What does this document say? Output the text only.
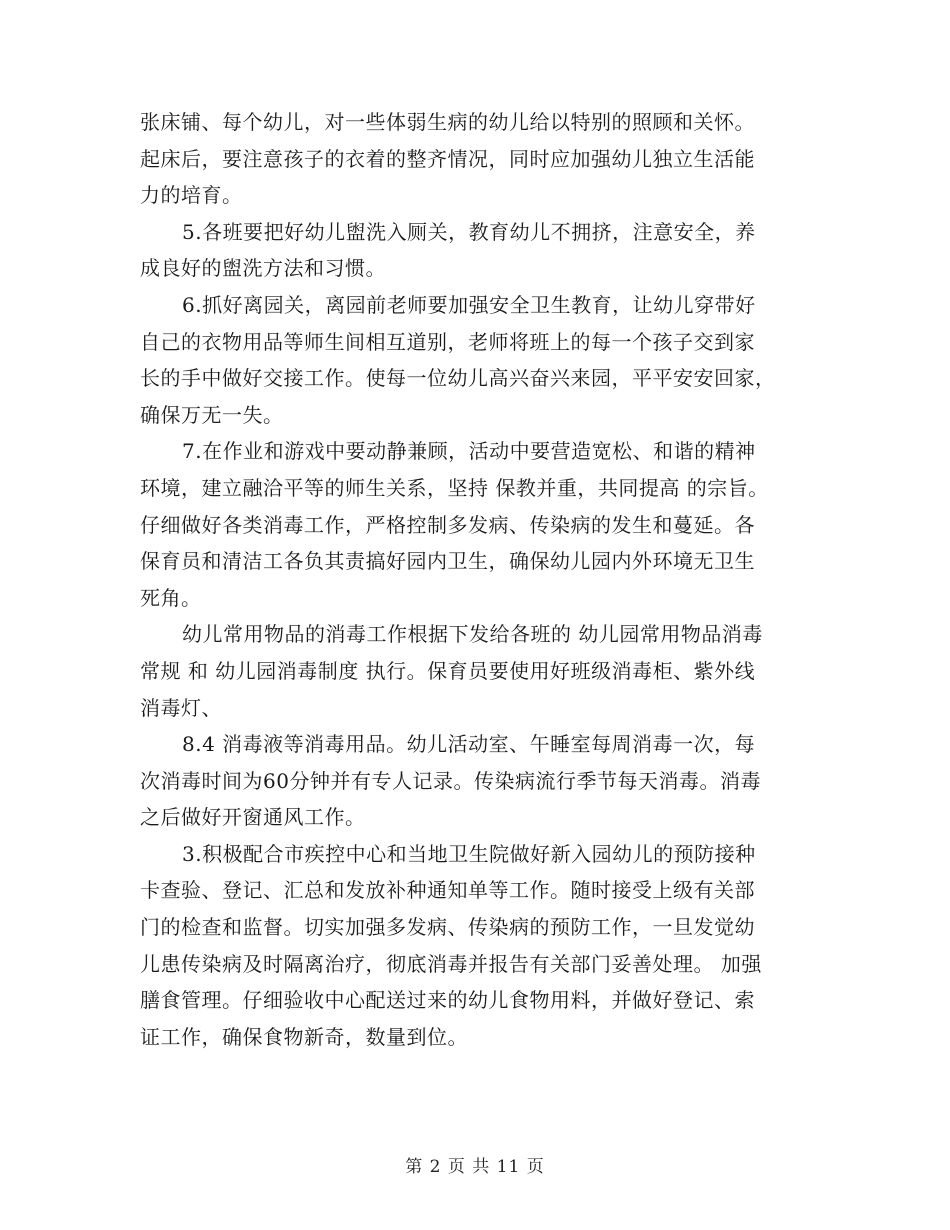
张床铺、每个幼儿，对一些体弱生病的幼儿给以特别的照顾和关怀。
起床后，要注意孩子的衣着的整齐情况，同时应加强幼儿独立生活能
力的培育。
5.各班要把好幼儿盥洗入厕关，教育幼儿不拥挤，注意安全，养
成良好的盥洗方法和习惯。
6.抓好离园关，离园前老师要加强安全卫生教育，让幼儿穿带好
自己的衣物用品等师生间相互道别，老师将班上的每一个孩子交到家
长的手中做好交接工作。使每一位幼儿高兴奋兴来园，平平安安回家，
确保万无一失。
7.在作业和游戏中要动静兼顾，活动中要营造宽松、和谐的精神
环境，建立融洽平等的师生关系，坚持 保教并重，共同提高 的宗旨。
仔细做好各类消毒工作，严格控制多发病、传染病的发生和蔓延。各
保育员和清洁工各负其责搞好园内卫生，确保幼儿园内外环境无卫生
死角。
幼儿常用物品的消毒工作根据下发给各班的 幼儿园常用物品消毒
常规 和 幼儿园消毒制度 执行。保育员要使用好班级消毒柜、紫外线
消毒灯、
8.4 消毒液等消毒用品。幼儿活动室、午睡室每周消毒一次，每
次消毒时间为60分钟并有专人记录。传染病流行季节每天消毒。消毒
之后做好开窗通风工作。
3.积极配合市疾控中心和当地卫生院做好新入园幼儿的预防接种
卡查验、登记、汇总和发放补种通知单等工作。随时接受上级有关部
门的检查和监督。切实加强多发病、传染病的预防工作，一旦发觉幼
儿患传染病及时隔离治疗，彻底消毒并报告有关部门妥善处理。 加强
膳食管理。仔细验收中心配送过来的幼儿食物用料，并做好登记、索
证工作，确保食物新奇，数量到位。
第 2 页 共 11 页
